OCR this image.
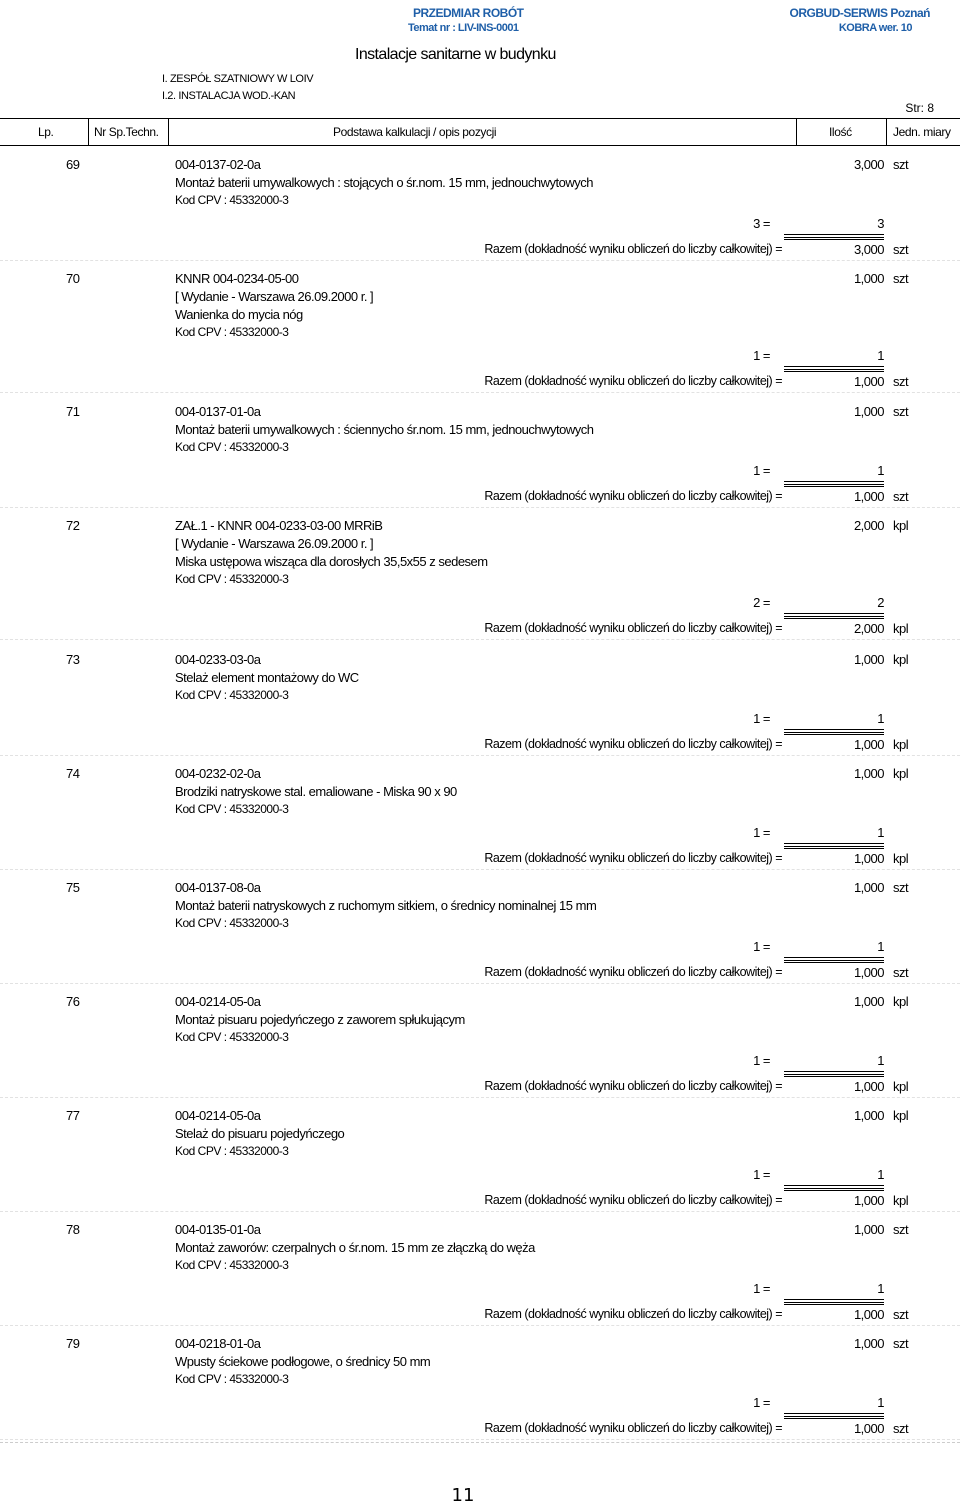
PRZEDMIAR ROBÓT
Temat nr : LIV-INS-0001
ORGBUD-SERWIS Poznań
KOBRA wer. 10
Instalacje sanitarne w budynku
I. ZESPÓŁ SZATNIOWY W LOIV
I.2. INSTALACJA WOD.-KAN
Str: 8
Lp.	Nr Sp.Techn.	Podstawa kalkulacji / opis pozycji	Ilość	Jedn. miary
69	004-0137-02-0a
Montaż baterii umywalkowych : stojących o śr.nom. 15 mm, jednouchwytowych
Kod CPV : 45332000-3
3,000 szt
3 =	3
Razem (dokładność wyniku obliczeń do liczby całkowitej) =	3,000 szt
70	KNNR 004-0234-05-00
[ Wydanie - Warszawa 26.09.2000 r. ]
Wanienka do mycia nóg
Kod CPV : 45332000-3
1,000 szt
1 =	1
Razem (dokładność wyniku obliczeń do liczby całkowitej) =	1,000 szt
71	004-0137-01-0a
Montaż baterii umywalkowych : ściennycho śr.nom. 15 mm, jednouchwytowych
Kod CPV : 45332000-3
1,000 szt
1 =	1
Razem (dokładność wyniku obliczeń do liczby całkowitej) =	1,000 szt
72	ZAŁ.1 - KNNR 004-0233-03-00 MRRiB
[ Wydanie - Warszawa 26.09.2000 r. ]
Miska ustępowa wisząca dla dorosłych 35,5x55 z sedesem
Kod CPV : 45332000-3
2,000 kpl
2 =	2
Razem (dokładność wyniku obliczeń do liczby całkowitej) =	2,000 kpl
73	004-0233-03-0a
Stelaż element montażowy do WC
Kod CPV : 45332000-3
1,000 kpl
1 =	1
Razem (dokładność wyniku obliczeń do liczby całkowitej) =	1,000 kpl
74	004-0232-02-0a
Brodziki natryskowe stal. emaliowane - Miska 90 x 90
Kod CPV : 45332000-3
1,000 kpl
1 =	1
Razem (dokładność wyniku obliczeń do liczby całkowitej) =	1,000 kpl
75	004-0137-08-0a
Montaż baterii natryskowych z ruchomym sitkiem, o średnicy nominalnej 15 mm
Kod CPV : 45332000-3
1,000 szt
1 =	1
Razem (dokładność wyniku obliczeń do liczby całkowitej) =	1,000 szt
76	004-0214-05-0a
Montaż pisuaru pojedyńczego z zaworem spłukującym
Kod CPV : 45332000-3
1,000 kpl
1 =	1
Razem (dokładność wyniku obliczeń do liczby całkowitej) =	1,000 kpl
77	004-0214-05-0a
Stelaż do pisuaru pojedyńczego
Kod CPV : 45332000-3
1,000 kpl
1 =	1
Razem (dokładność wyniku obliczeń do liczby całkowitej) =	1,000 kpl
78	004-0135-01-0a
Montaż zaworów: czerpalnych o śr.nom. 15 mm ze złączką do węża
Kod CPV : 45332000-3
1,000 szt
1 =	1
Razem (dokładność wyniku obliczeń do liczby całkowitej) =	1,000 szt
79	004-0218-01-0a
Wpusty ściekowe podłogowe, o średnicy 50 mm
Kod CPV : 45332000-3
1,000 szt
1 =	1
Razem (dokładność wyniku obliczeń do liczby całkowitej) =	1,000 szt
11
